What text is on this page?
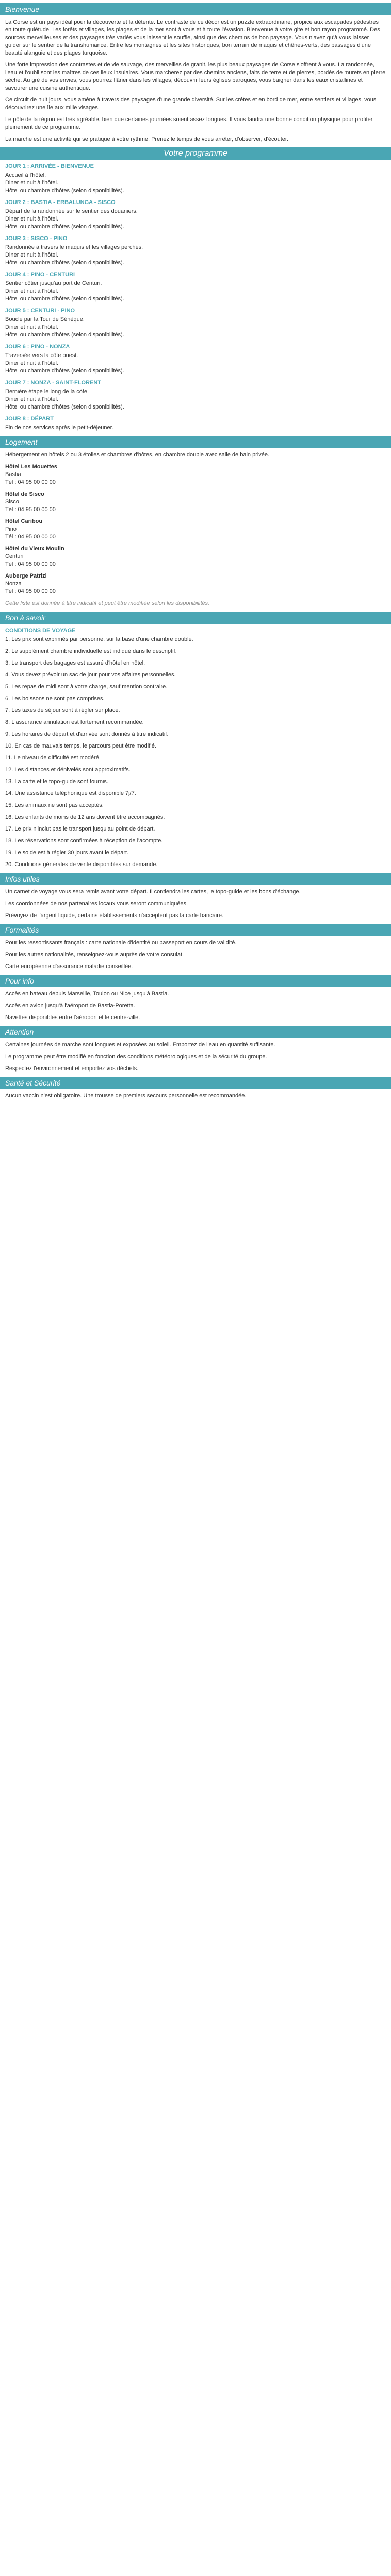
Bienvenue

La Corse est un pays idéal pour la découverte et la détente. Le contraste de ce décor est un puzzle extraordinaire, propice aux escapades pédestres en toute quiétude. Les forêts et villages, les plages et de la mer sont à vous et à toute l'évasion. Bienvenue à votre gite et bon rayon programmé. Des sources merveilleuses et des paysages très variés vous laissent le souffle, ainsi que des chemins de bon paysage. Vous n'avez qu'à vous laisser guider sur le sentier de la transhumance. Entre les montagnes et les sites historiques, bon terrain de maquis et chênes-verts, des passages d'une beauté alanguie et des plages turquoise.

Une forte impression des contrastes et de vie sauvage, des merveilles de granit, les plus beaux paysages de Corse s'offrent à vous. La randonnée, l'eau et l'oubli sont les maîtres de ces lieux insulaires. Vous marcherez par des chemins anciens, faits de terre et de pierres, bordés de murets en pierre sèche. Au gré de vos envies, vous pourrez flâner dans les villages, découvrir leurs églises baroques, vous baigner dans les eaux cristallines et savourer une cuisine authentique.

Ce circuit de huit jours, vous amène à travers des paysages d'une grande diversité. Sur les crêtes et en bord de mer, entre sentiers et villages, vous découvrirez une île aux mille visages.

Le pôle de la région est très agréable, bien que certaines journées soient assez longues. Il vous faudra une bonne condition physique pour profiter pleinement de ce programme.

La marche est une activité qui se pratique à votre rythme. Prenez le temps de vous arrêter, d'observer, d'écouter.

Votre programme
JOUR 1 : ARRIVÉE - BIENVENUE
Accueil à l'hôtel.
Diner et nuit à l'hôtel.
Hôtel ou chambre d'hôtes (selon disponibilités).
JOUR 2 : BASTIA - ERBALUNGA - SISCO
Départ de la randonnée sur le sentier des douaniers.
Diner et nuit à l'hôtel.
Hôtel ou chambre d'hôtes (selon disponibilités).
JOUR 3 : SISCO - PINO
Randonnée à travers le maquis et les villages perchés.
Diner et nuit à l'hôtel.
Hôtel ou chambre d'hôtes (selon disponibilités).
JOUR 4 : PINO - CENTURI
Sentier côtier jusqu'au port de Centuri.
Diner et nuit à l'hôtel.
Hôtel ou chambre d'hôtes (selon disponibilités).
JOUR 5 : CENTURI - PINO
Boucle par la Tour de Sénèque.
Diner et nuit à l'hôtel.
Hôtel ou chambre d'hôtes (selon disponibilités).
JOUR 6 : PINO - NONZA
Traversée vers la côte ouest.
Diner et nuit à l'hôtel.
Hôtel ou chambre d'hôtes (selon disponibilités).
JOUR 7 : NONZA - SAINT-FLORENT
Dernière étape le long de la côte.
Diner et nuit à l'hôtel.
Hôtel ou chambre d'hôtes (selon disponibilités).
JOUR 8 : DÉPART
Fin de nos services après le petit-déjeuner.
Logement

Hébergement en hôtels 2 ou 3 étoiles et chambres d'hôtes, en chambre double avec salle de bain privée.

Hôtel Les Mouettes
Bastia
Tél : 04 95 00 00 00
Hôtel de Sisco
Sisco
Tél : 04 95 00 00 00
Hôtel Caribou
Pino
Tél : 04 95 00 00 00
Hôtel du Vieux Moulin
Centuri
Tél : 04 95 00 00 00
Auberge Patrizi
Nonza
Tél : 04 95 00 00 00

Cette liste est donnée à titre indicatif et peut être modifiée selon les disponibilités.

Bon à savoir
CONDITIONS DE VOYAGE

1. Les prix sont exprimés par personne, sur la base d'une chambre double.

2. Le supplément chambre individuelle est indiqué dans le descriptif.

3. Le transport des bagages est assuré d'hôtel en hôtel.

4. Vous devez prévoir un sac de jour pour vos affaires personnelles.

5. Les repas de midi sont à votre charge, sauf mention contraire.

6. Les boissons ne sont pas comprises.

7. Les taxes de séjour sont à régler sur place.

8. L'assurance annulation est fortement recommandée.

9. Les horaires de départ et d'arrivée sont donnés à titre indicatif.

10. En cas de mauvais temps, le parcours peut être modifié.

11. Le niveau de difficulté est modéré.

12. Les distances et dénivelés sont approximatifs.

13. La carte et le topo-guide sont fournis.

14. Une assistance téléphonique est disponible 7j/7.

15. Les animaux ne sont pas acceptés.

16. Les enfants de moins de 12 ans doivent être accompagnés.

17. Le prix n'inclut pas le transport jusqu'au point de départ.

18. Les réservations sont confirmées à réception de l'acompte.

19. Le solde est à régler 30 jours avant le départ.

20. Conditions générales de vente disponibles sur demande.

Infos utiles

Un carnet de voyage vous sera remis avant votre départ. Il contiendra les cartes, le topo-guide et les bons d'échange.

Les coordonnées de nos partenaires locaux vous seront communiquées.

Prévoyez de l'argent liquide, certains établissements n'acceptent pas la carte bancaire.

Formalités

Pour les ressortissants français : carte nationale d'identité ou passeport en cours de validité.

Pour les autres nationalités, renseignez-vous auprès de votre consulat.

Carte européenne d'assurance maladie conseillée.

Pour info

Accès en bateau depuis Marseille, Toulon ou Nice jusqu'à Bastia.

Accès en avion jusqu'à l'aéroport de Bastia-Poretta.

Navettes disponibles entre l'aéroport et le centre-ville.

Attention

Certaines journées de marche sont longues et exposées au soleil. Emportez de l'eau en quantité suffisante.

Le programme peut être modifié en fonction des conditions météorologiques et de la sécurité du groupe.

Respectez l'environnement et emportez vos déchets.

Santé et Sécurité

Aucun vaccin n'est obligatoire. Une trousse de premiers secours personnelle est recommandée.
